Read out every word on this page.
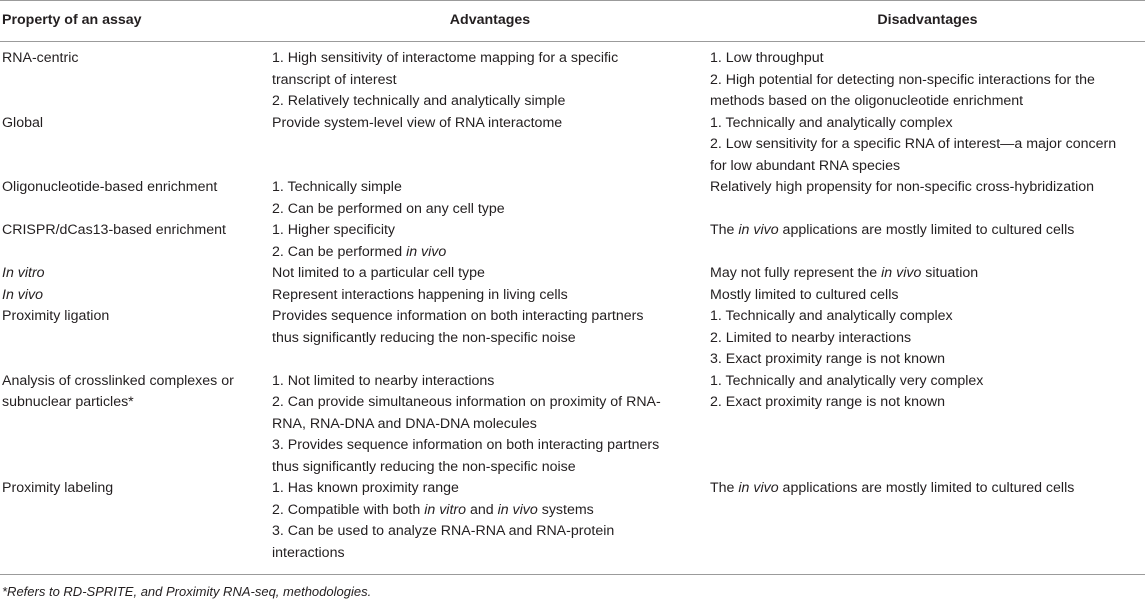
Property of an assay	Advantages	Disadvantages

RNA-centric	1. High sensitivity of interactome mapping for a specific
transcript of interest
2. Relatively technically and analytically simple	1. Low throughput
2. High potential for detecting non-specific interactions for the
methods based on the oligonucleotide enrichment

Global	Provide system-level view of RNA interactome	1. Technically and analytically complex
2. Low sensitivity for a specific RNA of interest—a major concern
for low abundant RNA species

Oligonucleotide-based enrichment	1. Technically simple
2. Can be performed on any cell type	Relatively high propensity for non-specific cross-hybridization

CRISPR/dCas13-based enrichment	1. Higher specificity
2. Can be performed in vivo	The in vivo applications are mostly limited to cultured cells

In vitro	Not limited to a particular cell type	May not fully represent the in vivo situation

In vivo	Represent interactions happening in living cells	Mostly limited to cultured cells

Proximity ligation	Provides sequence information on both interacting partners
thus significantly reducing the non-specific noise	1. Technically and analytically complex
2. Limited to nearby interactions
3. Exact proximity range is not known

Analysis of crosslinked complexes or
subnuclear particles*	1. Not limited to nearby interactions
2. Can provide simultaneous information on proximity of RNA-
RNA, RNA-DNA and DNA-DNA molecules
3. Provides sequence information on both interacting partners
thus significantly reducing the non-specific noise	1. Technically and analytically very complex
2. Exact proximity range is not known

Proximity labeling	1. Has known proximity range
2. Compatible with both in vitro and in vivo systems
3. Can be used to analyze RNA-RNA and RNA-protein
interactions	The in vivo applications are mostly limited to cultured cells
*Refers to RD-SPRITE, and Proximity RNA-seq, methodologies.
